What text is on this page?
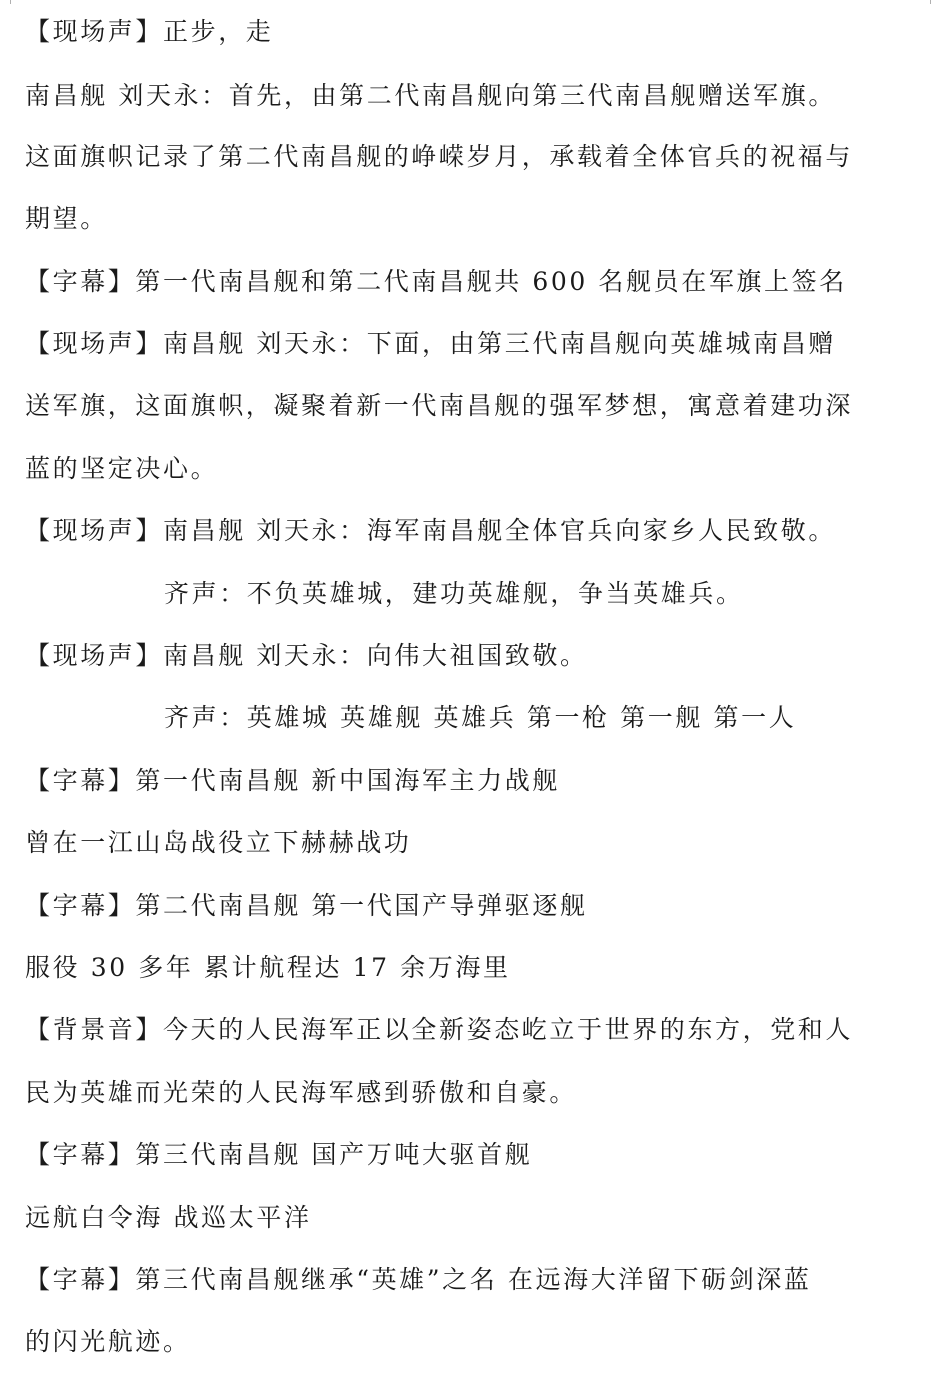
【现场声】正步，走
南昌舰 刘天永：首先，由第二代南昌舰向第三代南昌舰赠送军旗。
这面旗帜记录了第二代南昌舰的峥嵘岁月，承载着全体官兵的祝福与
期望。
【字幕】第一代南昌舰和第二代南昌舰共 600 名舰员在军旗上签名
【现场声】南昌舰 刘天永：下面，由第三代南昌舰向英雄城南昌赠
送军旗，这面旗帜，凝聚着新一代南昌舰的强军梦想，寓意着建功深
蓝的坚定决心。
【现场声】南昌舰 刘天永：海军南昌舰全体官兵向家乡人民致敬。
齐声：不负英雄城，建功英雄舰，争当英雄兵。
【现场声】南昌舰 刘天永：向伟大祖国致敬。
齐声：英雄城 英雄舰 英雄兵 第一枪 第一舰 第一人
【字幕】第一代南昌舰 新中国海军主力战舰
曾在一江山岛战役立下赫赫战功
【字幕】第二代南昌舰 第一代国产导弹驱逐舰
服役 30 多年 累计航程达 17 余万海里
【背景音】今天的人民海军正以全新姿态屹立于世界的东方，党和人
民为英雄而光荣的人民海军感到骄傲和自豪。
【字幕】第三代南昌舰 国产万吨大驱首舰
远航白令海 战巡太平洋
【字幕】第三代南昌舰继承“英雄”之名 在远海大洋留下砺剑深蓝
的闪光航迹。
